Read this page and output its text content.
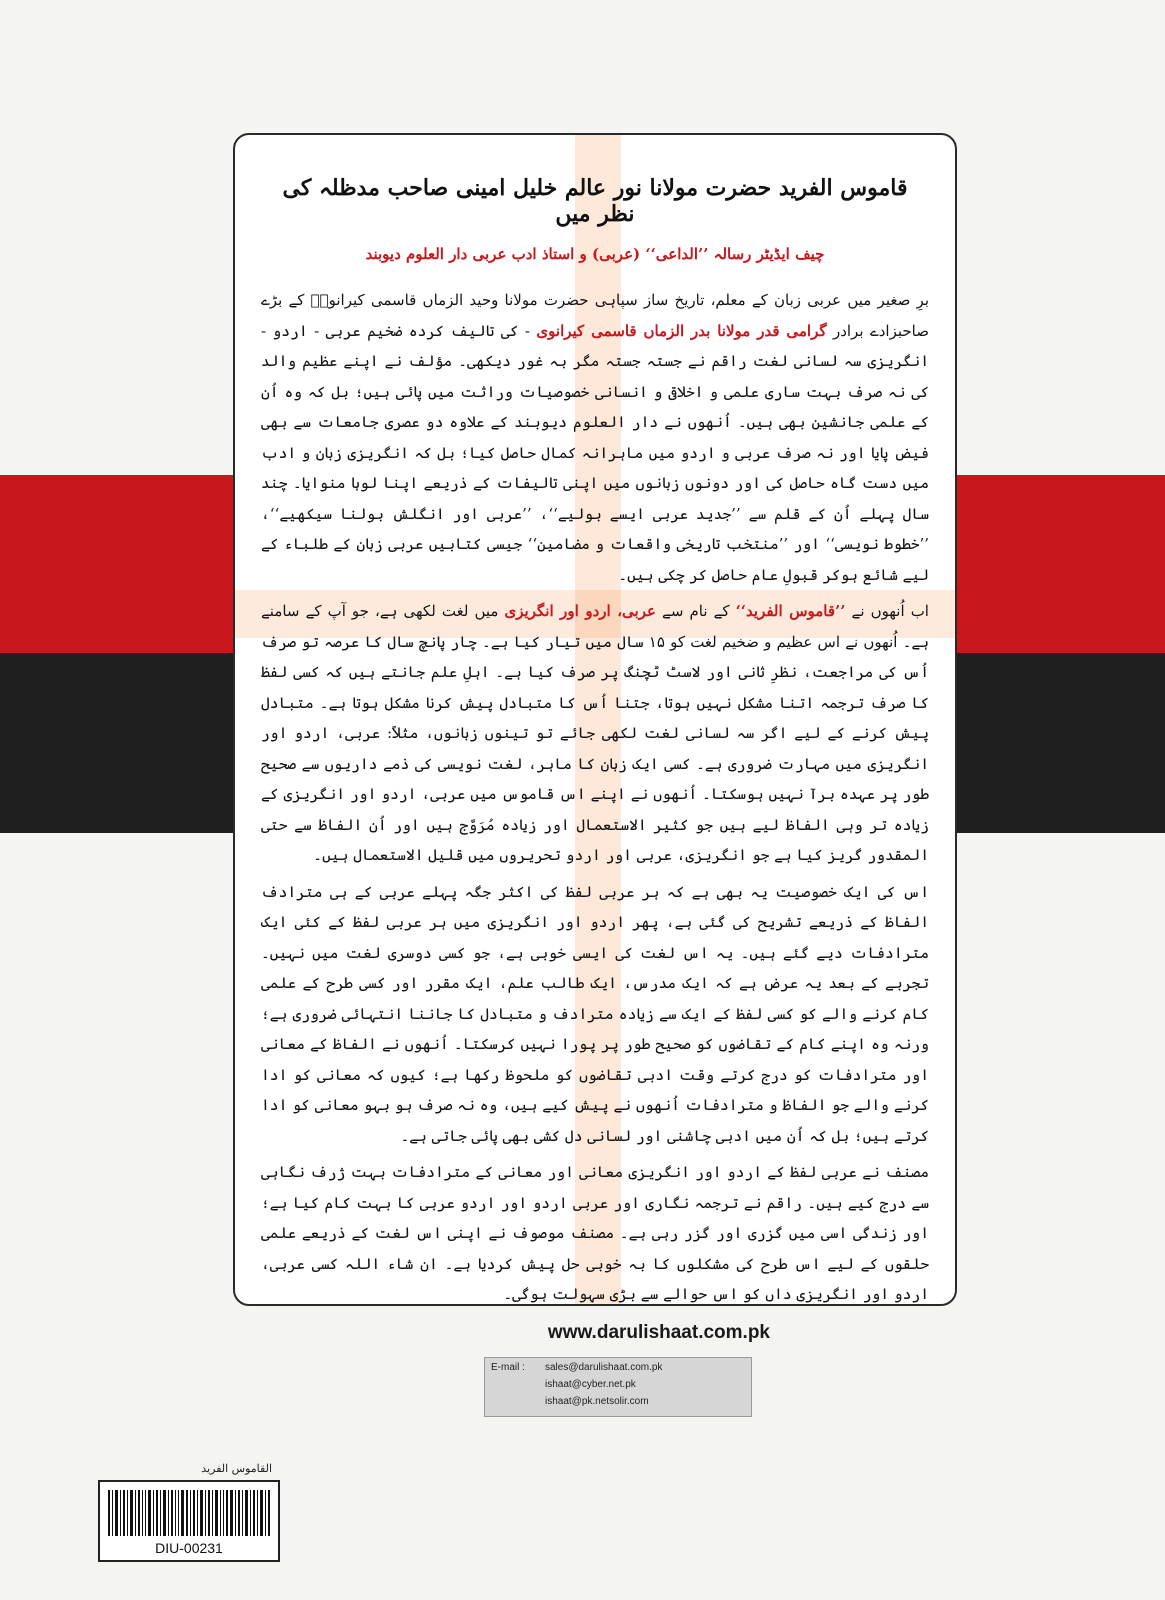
قاموس الفرید حضرت مولانا نور عالم خلیل امینی صاحب مدظلہ کی نظر میں
چیف ایڈیٹر رسالہ ’’الداعی‘‘ (عربی) و استاذ ادب عربی دار العلوم دیوبند

برِ صغیر میں عربی زبان کے معلم، تاریخ ساز سپاہی حضرت مولانا وحید الزماں قاسمی کیرانویؒ کے بڑے صاحبزادے برادر گرامی قدر مولانا بدر الزماں قاسمی کیرانوی - کی تالیف کردہ ضخیم عربی - اردو - انگریزی سہ لسانی لغت راقم نے جستہ جستہ مگر بہ غور دیکھی۔ مؤلف نے اپنے عظیم والد کی نہ صرف بہت ساری علمی و اخلاقی و انسانی خصوصیات وراثت میں پائی ہیں؛ بل کہ وہ اُن کے علمی جانشین بھی ہیں۔ اُنھوں نے دار العلوم دیوبند کے علاوہ دو عصری جامعات سے بھی فیض پایا اور نہ صرف عربی و اردو میں ماہرانہ کمال حاصل کیا؛ بل کہ انگریزی زبان و ادب میں دست گاہ حاصل کی اور دونوں زبانوں میں اپنی تالیفات کے ذریعے اپنا لوہا منوایا۔ چند سال پہلے اُن کے قلم سے ’’جدید عربی ایسے بولیے‘‘، ’’عربی اور انگلش بولنا سیکھیے‘‘، ’’خطوط نویسی‘‘ اور ’’منتخب تاریخی واقعات و مضامین‘‘ جیسی کتابیں عربی زبان کے طلباء کے لیے شائع ہوکر قبولِ عام حاصل کر چکی ہیں۔

اب اُنھوں نے ’’قاموس الفرید‘‘ کے نام سے عربی، اردو اور انگریزی میں لغت لکھی ہے، جو آپ کے سامنے ہے۔ اُنھوں نے اس عظیم و ضخیم لغت کو ۱۵ سال میں تیار کیا ہے۔ چار پانچ سال کا عرصہ تو صرف اُس کی مراجعت، نظرِ ثانی اور لاسٹ ٹچنگ پر صرف کیا ہے۔ اہلِ علم جانتے ہیں کہ کسی لفظ کا صرف ترجمہ اتنا مشکل نہیں ہوتا، جتنا اُس کا متبادل پیش کرنا مشکل ہوتا ہے۔ متبادل پیش کرنے کے لیے اگر سہ لسانی لغت لکھی جائے تو تینوں زبانوں، مثلاً: عربی، اردو اور انگریزی میں مہارت ضروری ہے۔ کسی ایک زبان کا ماہر، لغت نویسی کی ذمے داریوں سے صحیح طور پر عہدہ برآ نہیں ہوسکتا۔ اُنھوں نے اپنے اس قاموس میں عربی، اردو اور انگریزی کے زیادہ تر وہی الفاظ لیے ہیں جو کثیر الاستعمال اور زیادہ مُرَوَّج ہیں اور اُن الفاظ سے حتی المقدور گریز کیا ہے جو انگریزی، عربی اور اردو تحریروں میں قلیل الاستعمال ہیں۔

اس کی ایک خصوصیت یہ بھی ہے کہ ہر عربی لفظ کی اکثر جگہ پہلے عربی کے ہی مترادف الفاظ کے ذریعے تشریح کی گئی ہے، پھر اردو اور انگریزی میں ہر عربی لفظ کے کئی ایک مترادفات دیے گئے ہیں۔ یہ اس لغت کی ایسی خوبی ہے، جو کسی دوسری لغت میں نہیں۔ تجربے کے بعد یہ عرض ہے کہ ایک مدرس، ایک طالب علم، ایک مقرر اور کسی طرح کے علمی کام کرنے والے کو کسی لفظ کے ایک سے زیادہ مترادف و متبادل کا جاننا انتہائی ضروری ہے؛ ورنہ وہ اپنے کام کے تقاضوں کو صحیح طور پر پورا نہیں کرسکتا۔ اُنھوں نے الفاظ کے معانی اور مترادفات کو درج کرتے وقت ادبی تقاضوں کو ملحوظ رکھا ہے؛ کیوں کہ معانی کو ادا کرنے والے جو الفاظ و مترادفات اُنھوں نے پیش کیے ہیں، وہ نہ صرف ہو بہو معانی کو ادا کرتے ہیں؛ بل کہ اُن میں ادبی چاشنی اور لسانی دل کشی بھی پائی جاتی ہے۔

مصنف نے عربی لفظ کے اردو اور انگریزی معانی اور معانی کے مترادفات بہت ژرف نگاہی سے درج کیے ہیں۔ راقم نے ترجمہ نگاری اور عربی اردو اور اردو عربی کا بہت کام کیا ہے؛ اور زندگی اسی میں گزری اور گزر رہی ہے۔ مصنف موصوف نے اپنی اس لغت کے ذریعے علمی حلقوں کے لیے اس طرح کی مشکلوں کا بہ خوبی حل پیش کردیا ہے۔ ان شاء اللہ کسی عربی، اردو اور انگریزی داں کو اس حوالے سے بڑی سہولت ہوگی۔

www.darulishaat.com.pk
E-mail : sales@darulishaat.com.pk
ishaat@cyber.net.pk
ishaat@pk.netsolir.com
القاموس الفرید
DIU-00231
